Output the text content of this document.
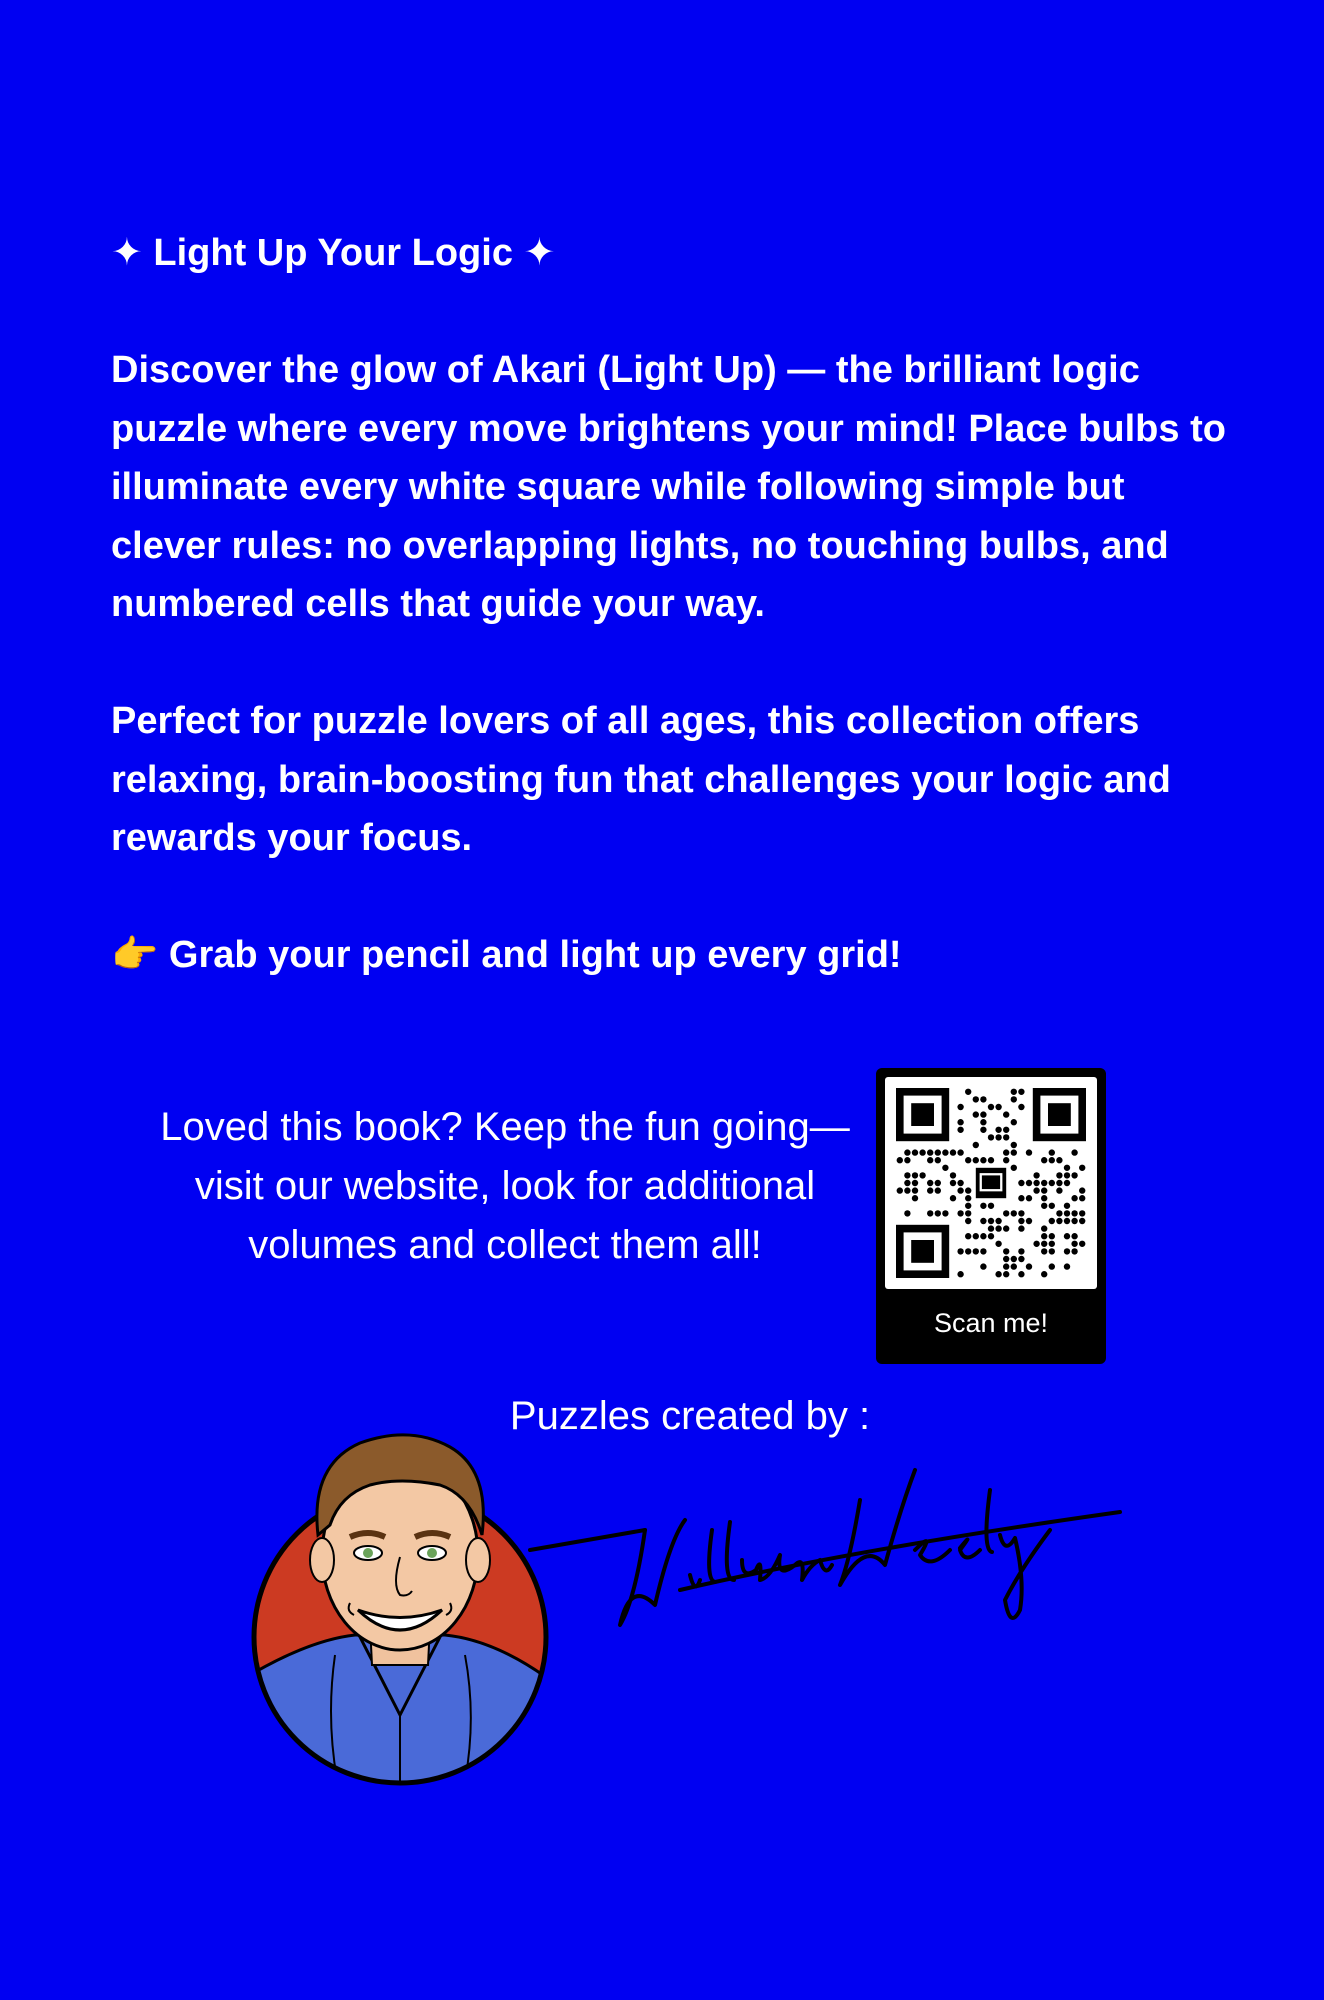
✦ Light Up Your Logic ✦

Discover the glow of Akari (Light Up) — the brilliant logic puzzle where every move brightens your mind! Place bulbs to illuminate every white square while following simple but clever rules: no overlapping lights, no touching bulbs, and numbered cells that guide your way.

Perfect for puzzle lovers of all ages, this collection offers relaxing, brain-boosting fun that challenges your logic and rewards your focus.

👉 Grab your pencil and light up every grid!

Loved this book? Keep the fun going—visit our website, look for additional volumes and collect them all!
Scan me!
Puzzles created by :
